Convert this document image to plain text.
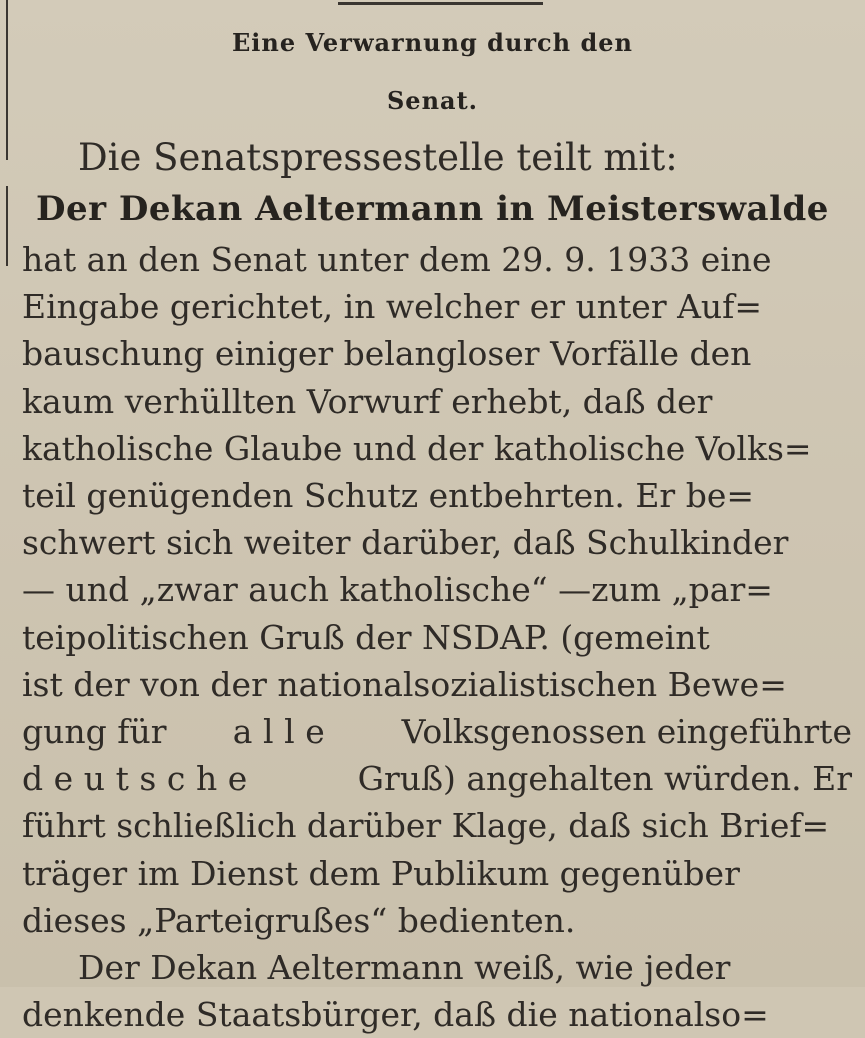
Eine Verwarnung durch den
Senat.
Die Senatspressestelle teilt mit:
Der Dekan Aeltermann in Meisterswalde
hat an den Senat unter dem 29. 9. 1933 eine
Eingabe gerichtet, in welcher er unter Auf=
bauschung einiger belangloser Vorfälle den
kaum verhüllten Vorwurf erhebt, daß der
katholische Glaube und der katholische Volks=
teil genügenden Schutz entbehrten. Er be=
schwert sich weiter darüber, daß Schulkinder
— und „zwar auch katholische“ —zum „par=
teipolitischen Gruß der NSDAP. (gemeint
ist der von der nationalsozialistischen Bewe=
gung für alle Volksgenossen eingeführte
deutsche	Gruß) angehalten würden. Er
führt schließlich darüber Klage, daß sich Brief=
träger im Dienst dem Publikum gegenüber
dieses „Parteigrußes“ bedienten.
Der Dekan Aeltermann weiß, wie jeder
denkende Staatsbürger, daß die nationalso=
